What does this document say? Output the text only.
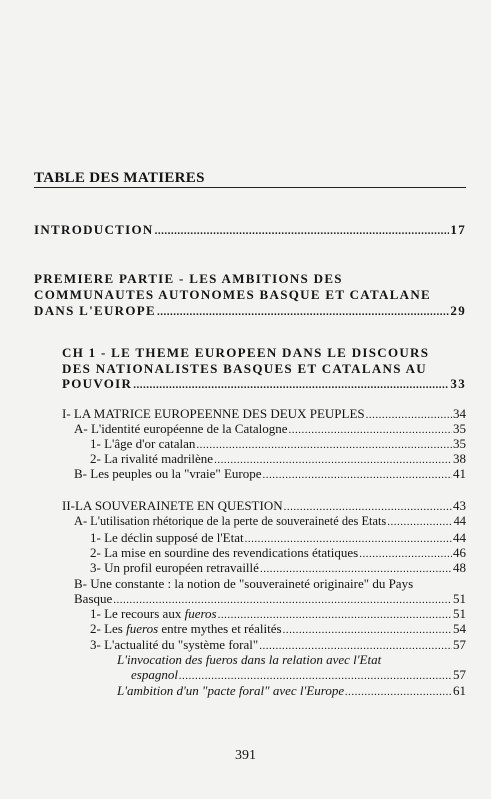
TABLE DES MATIERES
INTRODUCTION .....	17
PREMIERE PARTIE - LES AMBITIONS DES
COMMUNAUTES AUTONOMES BASQUE ET CATALANE
DANS L'EUROPE .....	29
CH 1 - LE THEME EUROPEEN DANS LE DISCOURS
DES NATIONALISTES BASQUES ET CATALANS AU
POUVOIR .....	33
I- LA MATRICE EUROPEENNE DES DEUX PEUPLES .....	34
A- L'identité européenne de la Catalogne .....	35
1- L'âge d'or catalan .....	35
2- La rivalité madrilène .....	38
B- Les peuples ou la "vraie" Europe .....	41
II-LA SOUVERAINETE EN QUESTION .....	43
A- L'utilisation rhétorique de la perte de souveraineté des Etats .....	44
1- Le déclin supposé de l'Etat .....	44
2- La mise en sourdine des revendications étatiques .....	46
3- Un profil européen retravaillé .....	48
B- Une constante : la notion de "souveraineté originaire" du Pays
Basque .....	51
1- Le recours aux fueros .....	51
2- Les fueros entre mythes et réalités .....	54
3- L'actualité du "système foral" .....	57
L'invocation des fueros dans la relation avec l'Etat
espagnol .....	57
L'ambition d'un "pacte foral" avec l'Europe .....	61
391
